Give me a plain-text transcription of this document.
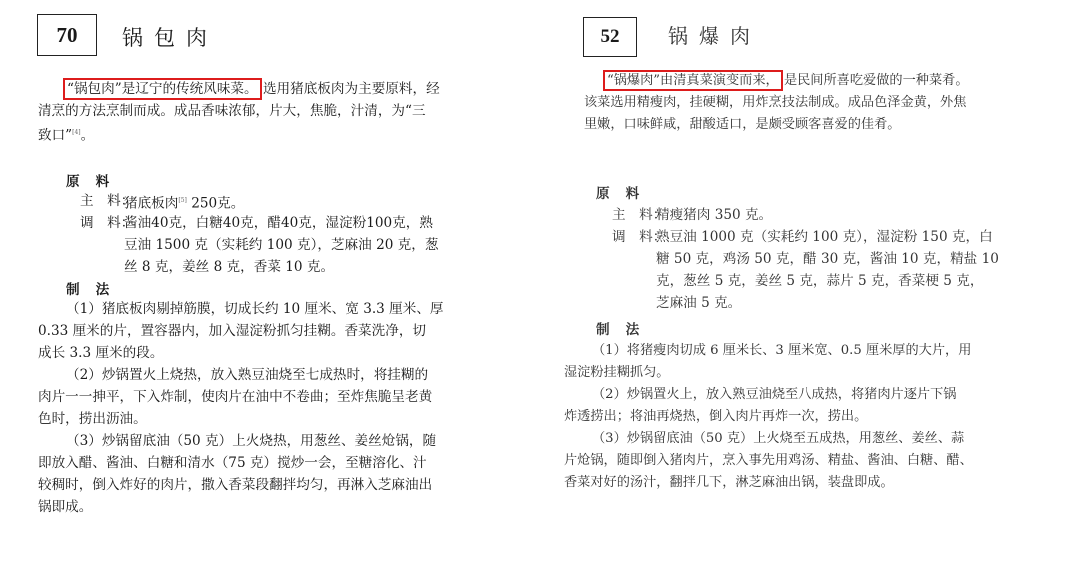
70 锅包肉
“锅包肉”是辽宁的传统风味菜。 选用猪底板肉为主要原料，经
清烹的方法烹制而成。成品香味浓郁，片大，焦脆，汁清，为“三
致口”[4]。
原料
主　料：
猪底板肉[5] 250克。
调　料：
酱油40克，白糖40克，醋40克，湿淀粉100克，熟
豆油 1500 克（实耗约 100 克），芝麻油 20 克，葱
丝 8 克，姜丝 8 克，香菜 10 克。
制法
（1）猪底板肉剔掉筋膜，切成长约 10 厘米、宽 3.3 厘米、厚
0.33 厘米的片，置容器内，加入湿淀粉抓匀挂糊。香菜洗净，切
成长 3.3 厘米的段。
（2）炒锅置火上烧热，放入熟豆油烧至七成热时，将挂糊的
肉片一一抻平，下入炸制，使肉片在油中不卷曲；至炸焦脆呈老黄
色时，捞出沥油。
（3）炒锅留底油（50 克）上火烧热，用葱丝、姜丝炝锅，随
即放入醋、酱油、白糖和清水（75 克）搅炒一会，至糖溶化、汁
较稠时，倒入炸好的肉片，撒入香菜段翻拌均匀，再淋入芝麻油出
锅即成。
52 锅爆肉
“锅爆肉”由清真菜演变而来， 是民间所喜吃爱做的一种菜肴。
该菜选用精瘦肉，挂硬糊，用炸烹技法制成。成品色泽金黄，外焦
里嫩，口味鲜咸，甜酸适口，是颇受顾客喜爱的佳肴。
原料
主　料：
精瘦猪肉 350 克。
调　料：
熟豆油 1000 克（实耗约 100 克），湿淀粉 150 克，白
糖 50 克，鸡汤 50 克，醋 30 克，酱油 10 克，精盐 10
克，葱丝 5 克，姜丝 5 克，蒜片 5 克，香菜梗 5 克，
芝麻油 5 克。
制法
（1）将猪瘦肉切成 6 厘米长、3 厘米宽、0.5 厘米厚的大片，用
湿淀粉挂糊抓匀。
（2）炒锅置火上，放入熟豆油烧至八成热，将猪肉片逐片下锅
炸透捞出；将油再烧热，倒入肉片再炸一次，捞出。
（3）炒锅留底油（50 克）上火烧至五成热，用葱丝、姜丝、蒜
片炝锅，随即倒入猪肉片，烹入事先用鸡汤、精盐、酱油、白糖、醋、
香菜对好的汤汁，翻拌几下，淋芝麻油出锅，装盘即成。
